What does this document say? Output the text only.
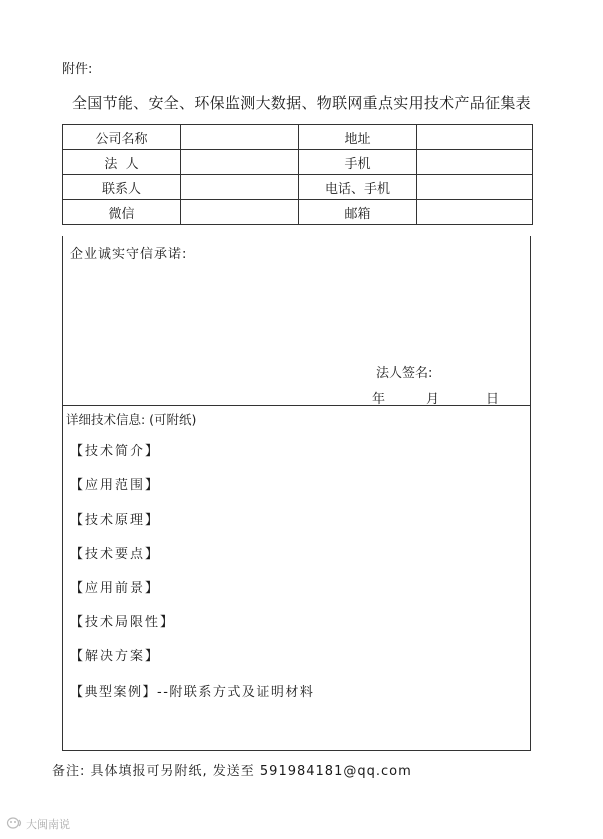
附件:
全国节能、安全、环保监测大数据、物联网重点实用技术产品征集表
公司名称		地址	
法  人		手机	
联系人		电话、手机	
微信		邮箱	
企业诚实守信承诺:
法人签名:
年	月	日
详细技术信息: (可附纸)
【技术简介】
【应用范围】
【技术原理】
【技术要点】
【应用前景】
【技术局限性】
【解决方案】
【典型案例】--附联系方式及证明材料
备注: 具体填报可另附纸, 发送至 591984181@qq.com
大闽南说
